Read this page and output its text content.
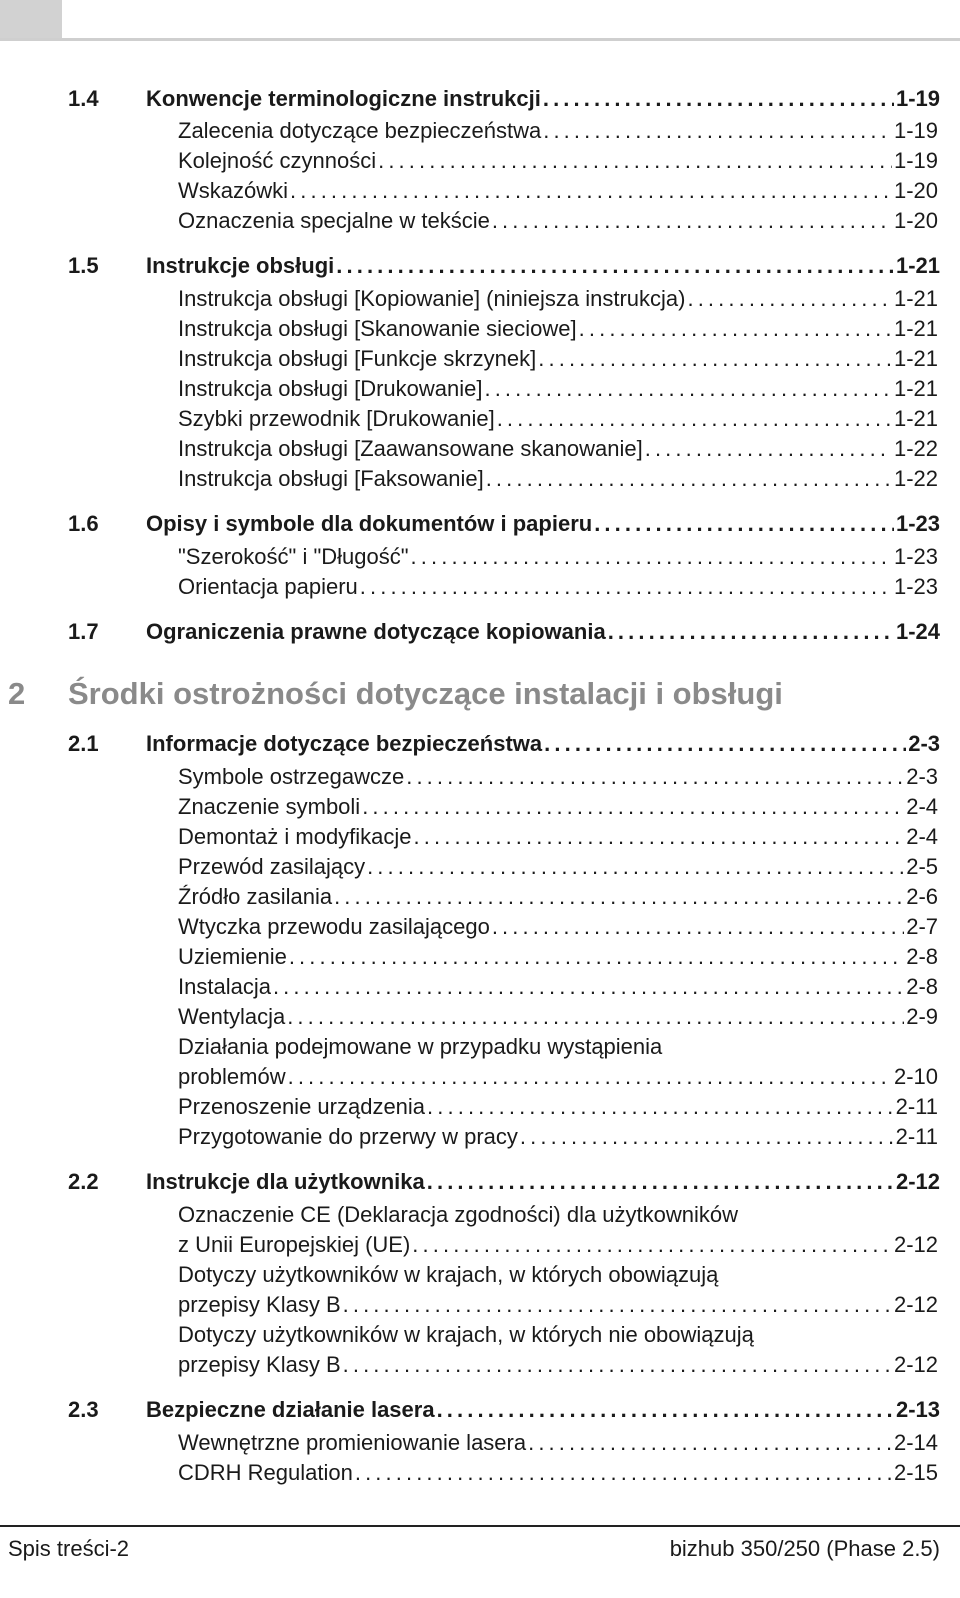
1.4 Konwencje terminologiczne instrukcji . . .	1-19
Zalecenia dotyczące bezpieczeństwa . . .	1-19
Kolejność czynności . . .	1-19
Wskazówki . . .	1-20
Oznaczenia specjalne w tekście . . .	1-20
1.5 Instrukcje obsługi . . .	1-21
Instrukcja obsługi [Kopiowanie] (niniejsza instrukcja) . . .	1-21
Instrukcja obsługi [Skanowanie sieciowe] . . .	1-21
Instrukcja obsługi [Funkcje skrzynek] . . .	1-21
Instrukcja obsługi [Drukowanie] . . .	1-21
Szybki przewodnik [Drukowanie] . . .	1-21
Instrukcja obsługi [Zaawansowane skanowanie] . . .	1-22
Instrukcja obsługi [Faksowanie] . . .	1-22
1.6 Opisy i symbole dla dokumentów i papieru . . .	1-23
"Szerokość" i "Długość" . . .	1-23
Orientacja papieru . . .	1-23
1.7 Ograniczenia prawne dotyczące kopiowania . . .	1-24
2 Środki ostrożności dotyczące instalacji i obsługi
2.1 Informacje dotyczące bezpieczeństwa . . .	2-3
Symbole ostrzegawcze . . .	2-3
Znaczenie symboli . . .	2-4
Demontaż i modyfikacje . . .	2-4
Przewód zasilający . . .	2-5
Źródło zasilania . . .	2-6
Wtyczka przewodu zasilającego . . .	2-7
Uziemienie . . .	2-8
Instalacja . . .	2-8
Wentylacja . . .	2-9
Działania podejmowane w przypadku wystąpienia
problemów . . .	2-10
Przenoszenie urządzenia . . .	2-11
Przygotowanie do przerwy w pracy . . .	2-11
2.2 Instrukcje dla użytkownika . . .	2-12
Oznaczenie CE (Deklaracja zgodności) dla użytkowników
z Unii Europejskiej (UE) . . .	2-12
Dotyczy użytkowników w krajach, w których obowiązują
przepisy Klasy B . . .	2-12
Dotyczy użytkowników w krajach, w których nie obowiązują
przepisy Klasy B . . .	2-12
2.3 Bezpieczne działanie lasera . . .	2-13
Wewnętrzne promieniowanie lasera . . .	2-14
CDRH Regulation . . .	2-15
Spis treści-2	bizhub 350/250 (Phase 2.5)
